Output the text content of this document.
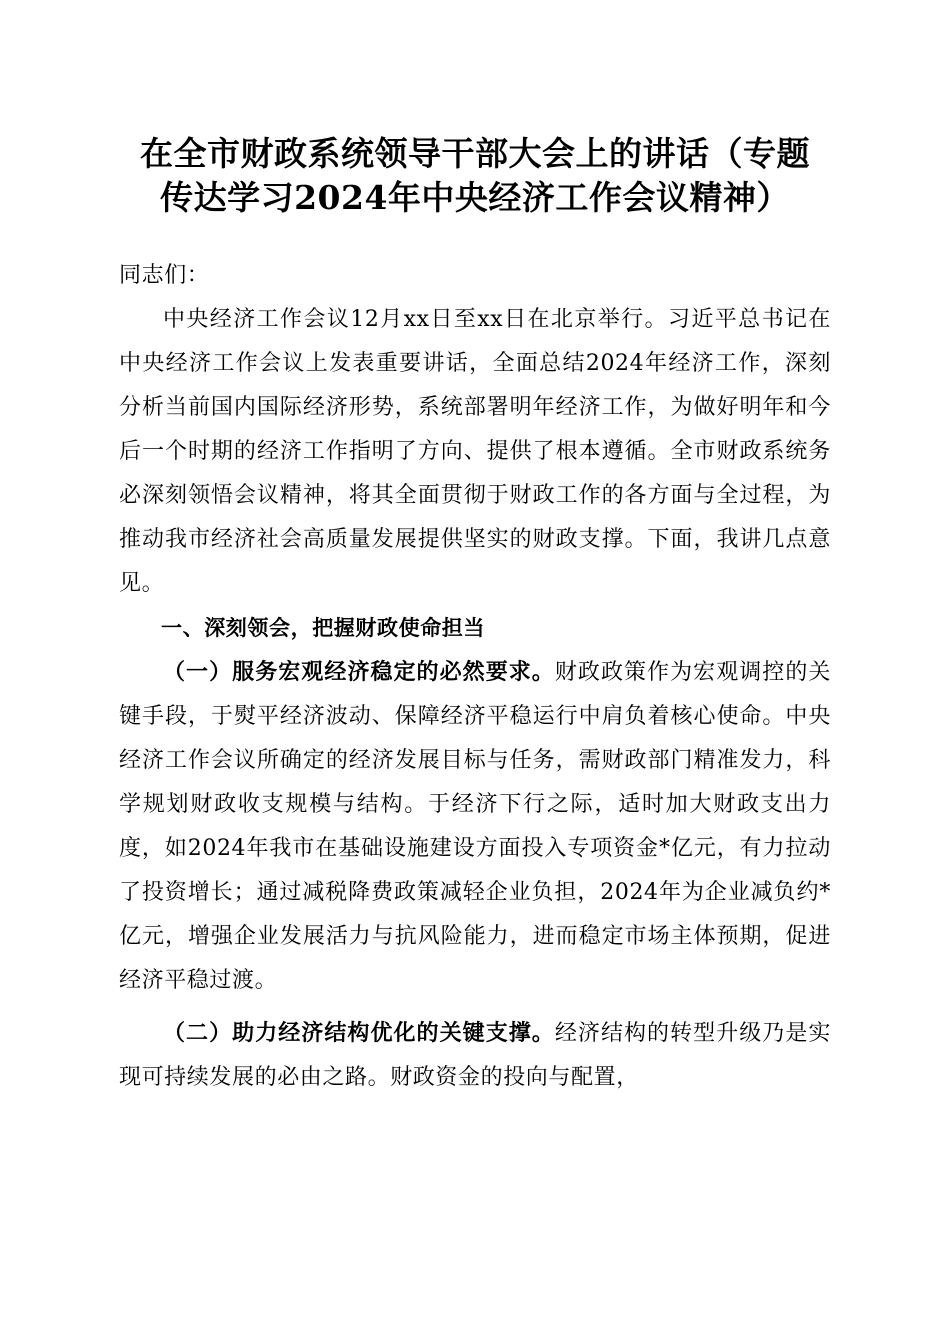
在全市财政系统领导干部大会上的讲话（专题
传达学习2024年中央经济工作会议精神）

同志们：

中央经济工作会议12月xx日至xx日在北京举行。习近平总书记在中央经济工作会议上发表重要讲话，全面总结2024年经济工作，深刻分析当前国内国际经济形势，系统部署明年经济工作，为做好明年和今后一个时期的经济工作指明了方向、提供了根本遵循。全市财政系统务必深刻领悟会议精神，将其全面贯彻于财政工作的各方面与全过程，为推动我市经济社会高质量发展提供坚实的财政支撑。下面，我讲几点意见。

一、深刻领会，把握财政使命担当

（一）服务宏观经济稳定的必然要求。财政政策作为宏观调控的关键手段，于熨平经济波动、保障经济平稳运行中肩负着核心使命。中央经济工作会议所确定的经济发展目标与任务，需财政部门精准发力，科学规划财政收支规模与结构。于经济下行之际，适时加大财政支出力度，如2024年我市在基础设施建设方面投入专项资金*亿元，有力拉动了投资增长；通过减税降费政策减轻企业负担，2024年为企业减负约*亿元，增强企业发展活力与抗风险能力，进而稳定市场主体预期，促进经济平稳过渡。

（二）助力经济结构优化的关键支撑。经济结构的转型升级乃是实现可持续发展的必由之路。财政资金的投向与配置，
